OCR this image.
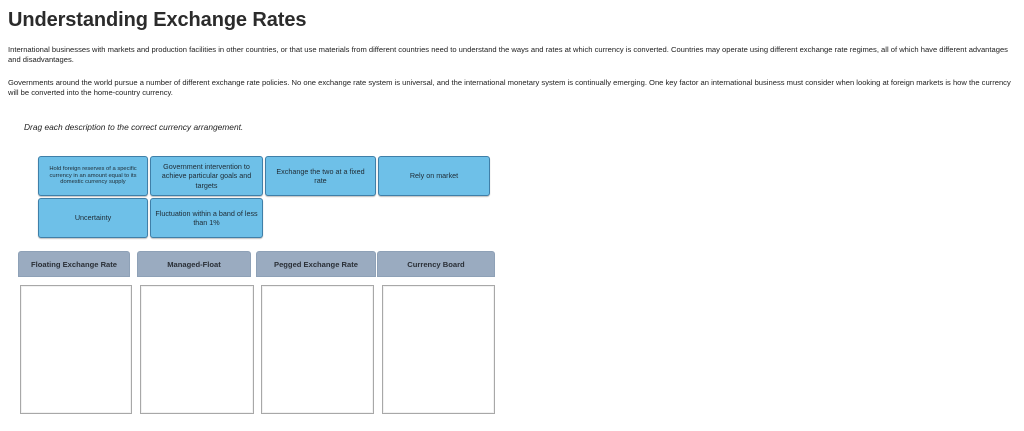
Understanding Exchange Rates

International businesses with markets and production facilities in other countries, or that use materials from different countries need to understand the ways and rates at which currency is converted. Countries may operate using different exchange rate regimes, all of which have different advantages and disadvantages.

Governments around the world pursue a number of different exchange rate policies. No one exchange rate system is universal, and the international monetary system is continually emerging. One key factor an international business must consider when looking at foreign markets is how the currency will be converted into the home-country currency.

Drag each description to the correct currency arrangement.

Hold foreign reserves of a specific currency in an amount equal to its domestic currency supply
Government intervention to achieve particular goals and targets
Exchange the two at a fixed rate
Rely on market
Uncertainty
Fluctuation within a band of less than 1%
Floating Exchange Rate	Managed-Float	Pegged Exchange Rate	Currency Board
